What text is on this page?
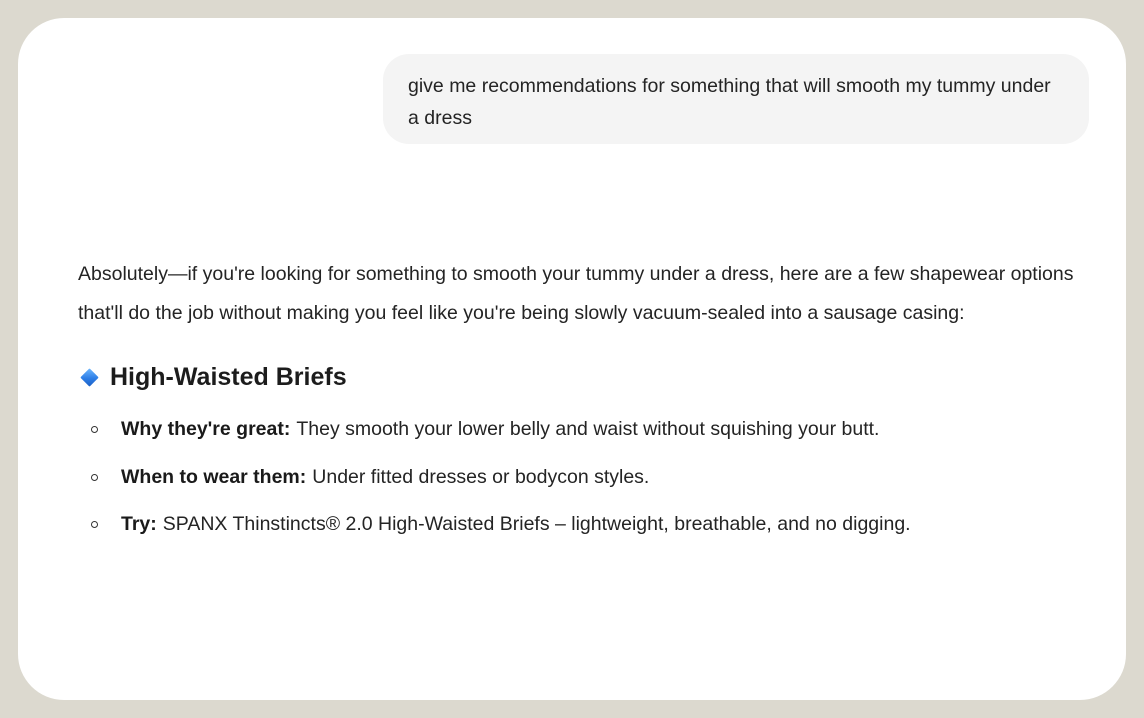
give me recommendations for something that will smooth my tummy under a dress

Absolutely—if you're looking for something to smooth your tummy under a dress, here are a few shapewear options that'll do the job without making you feel like you're being slowly vacuum-sealed into a sausage casing:

High-Waisted Briefs
Why they're great: They smooth your lower belly and waist without squishing your butt.
When to wear them: Under fitted dresses or bodycon styles.
Try: SPANX Thinstincts® 2.0 High-Waisted Briefs – lightweight, breathable, and no digging.
